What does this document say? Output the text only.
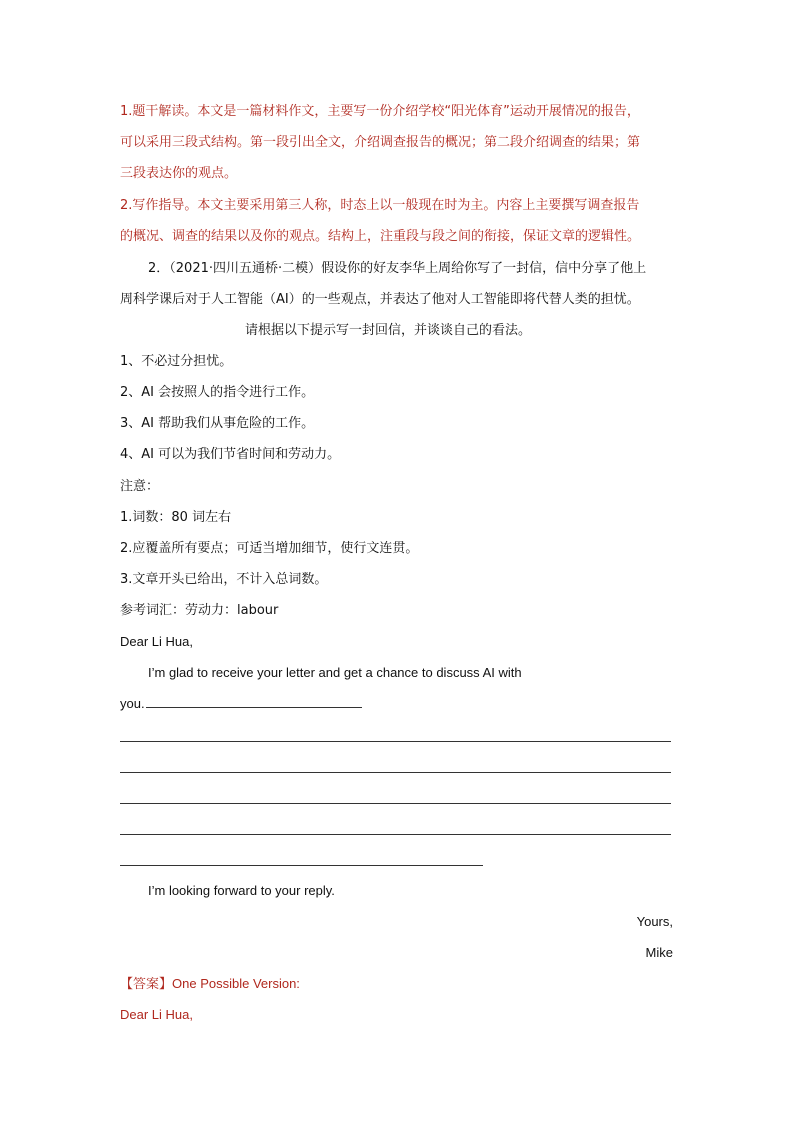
1.题干解读。本文是一篇材料作文，主要写一份介绍学校“阳光体育”运动开展情况的报告，
可以采用三段式结构。第一段引出全文，介绍调查报告的概况；第二段介绍调查的结果；第
三段表达你的观点。
2.写作指导。本文主要采用第三人称，时态上以一般现在时为主。内容上主要撰写调查报告
的概况、调查的结果以及你的观点。结构上，注重段与段之间的衔接，保证文章的逻辑性。
2．（2021·四川五通桥·二模）假设你的好友李华上周给你写了一封信，信中分享了他上
周科学课后对于人工智能（AI）的一些观点，并表达了他对人工智能即将代替人类的担忧。
请根据以下提示写一封回信，并谈谈自己的看法。
1、不必过分担忧。
2、AI 会按照人的指令进行工作。
3、AI 帮助我们从事危险的工作。
4、AI 可以为我们节省时间和劳动力。
注意：
1.词数：80 词左右
2.应覆盖所有要点；可适当增加细节，使行文连贯。
3.文章开头已给出，不计入总词数。
参考词汇：劳动力：labour
Dear Li Hua,
I’m glad to receive your letter and get a chance to discuss AI with
you.
I’m looking forward to your reply.
Yours,
Mike
【答案】One Possible Version:
Dear Li Hua,
